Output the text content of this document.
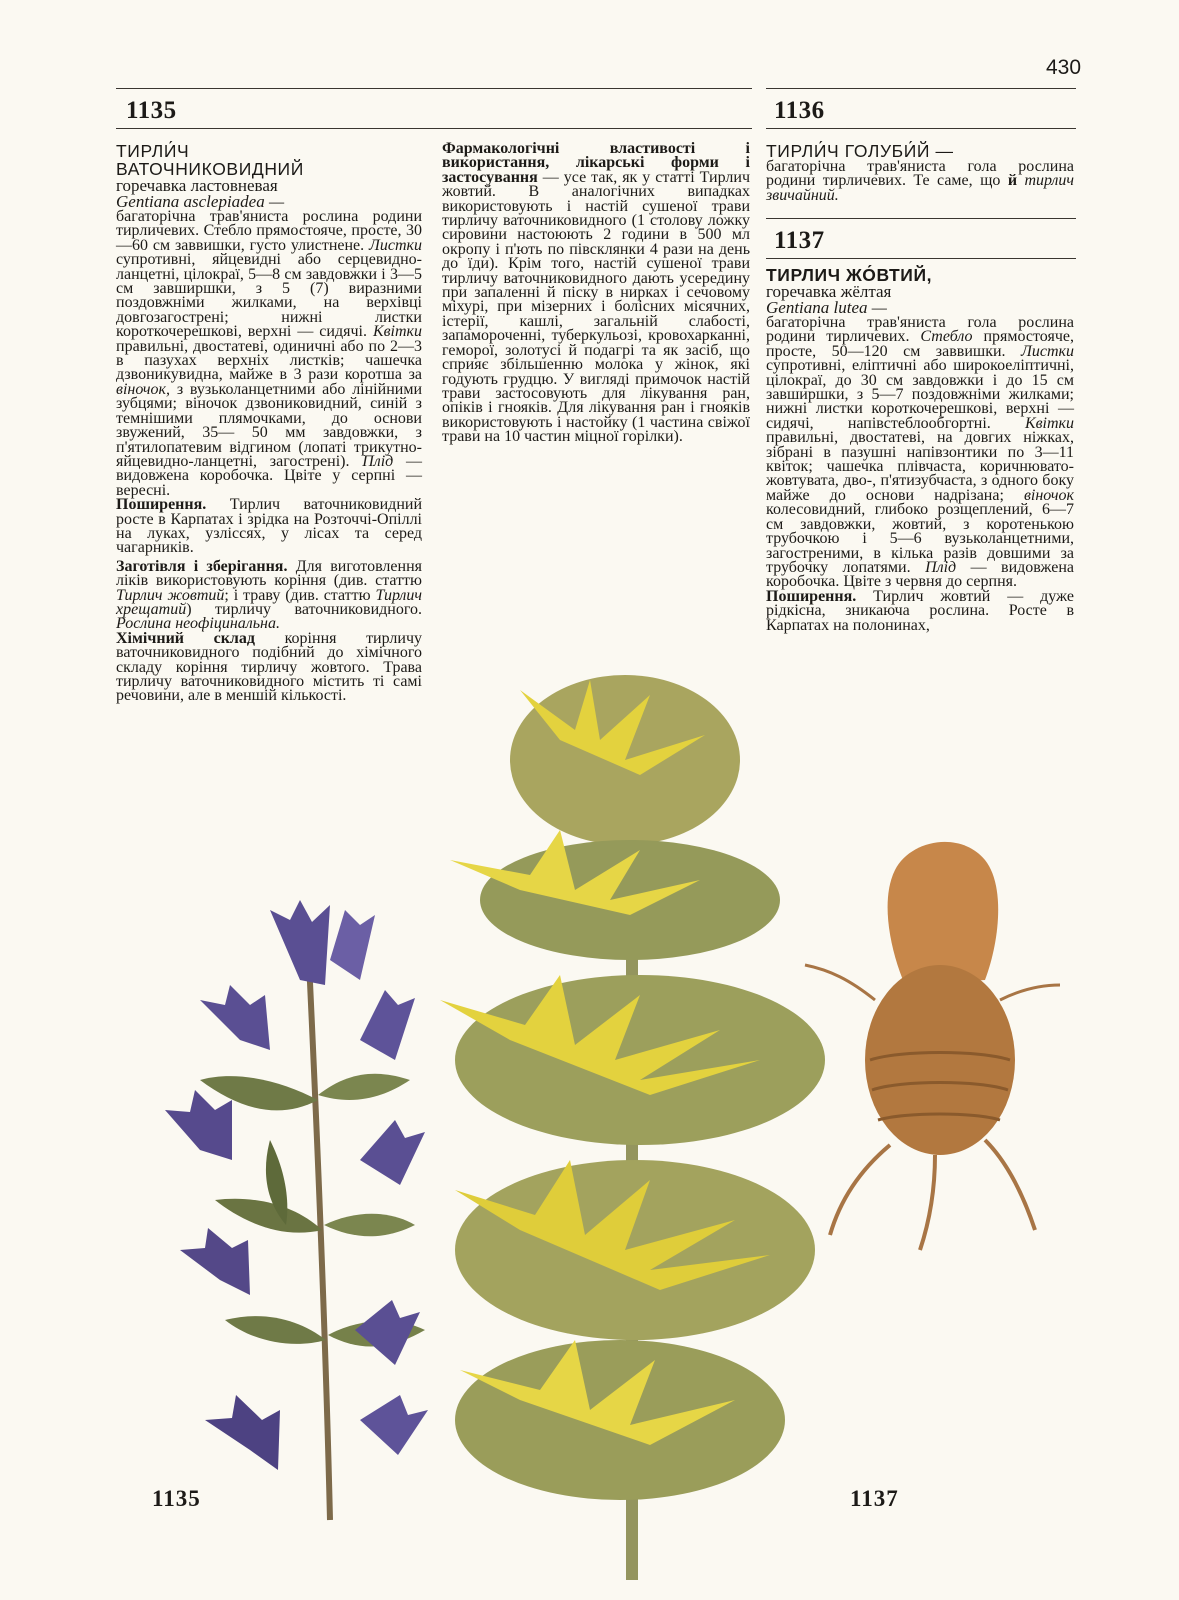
430
1135	1136
1137
ТИРЛИ́Ч
ВАТОЧНИКОВИДНИЙ
горечавка ластовневая
Gentiana asclepiadea —

багаторічна трав'яниста рослина родини тирличевих. Стебло прямостояче, просте, 30—60 см заввишки, густо улистнене. Листки супротивні, яйцевидні або серцевидно-ланцетні, цілокраї, 5—8 см завдовжки і 3—5 см завширшки, з 5 (7) виразними поздовжніми жилками, на верхівці довгозагострені; нижні листки короткочерешкові, верхні — сидячі. Квітки правильні, двостатеві, одиничні або по 2—3 в пазухах верхніх листків; чашечка дзвоникувидна, майже в 3 рази коротша за віночок, з вузьколанцетними або лінійними зубцями; віночок дзвониковидний, синій з темнішими плямочками, до основи звужений, 35— 50 мм завдовжки, з п'ятилопатевим відгином (лопаті трикутно-яйцевидно-ланцетні, загострені). Плід — видовжена коробочка. Цвіте у серпні — вересні.

Поширення. Тирлич ваточниковидний росте в Карпатах і зрідка на Розточчі-Опіллі на луках, узліссях, у лісах та серед чагарників.

Заготівля і зберігання. Для виготовлення ліків використовують коріння (див. статтю Тирлич жовтий; і траву (див. статтю Тирлич хрещатий) тирличу ваточниковидного. Рослина неофіцинальна.

Хімічний склад коріння тирличу ваточниковидного подібний до хімічного складу коріння тирличу жовтого. Трава тирличу ваточниковидного містить ті самі речовини, але в меншій кількості.

Фармакологічні властивості і використання, лікарські форми і застосування — усе так, як у статті Тирлич жовтий. В аналогічних випадках використовують і настій сушеної трави тирличу ваточниковидного (1 столову ложку сировини настоюють 2 години в 500 мл окропу і п'ють по півсклянки 4 рази на день до їди). Крім того, настій сушеної трави тирличу ваточниковидного дають усередину при запаленні й піску в нирках і сечовому міхурі, при мізерних і болісних місячних, істерії, кашлі, загальній слабості, запамороченні, туберкульозі, кровохарканні, геморої, золотусі й подагрі та як засіб, що сприяє збільшенню молока у жінок, які годують грудцю. У вигляді примочок настій трави застосовують для лікування ран, опіків і гнояків. Для лікування ран і гнояків використовують і настойку (1 частина свіжої трави на 10 частин міцної горілки).

ТИРЛИ́Ч ГОЛУБИ́Й —

багаторічна трав'яниста гола рослина родини тирличевих. Те саме, що й тирлич звичайний.

ТИРЛИЧ ЖО́ВТИЙ,
горечавка жёлтая
Gentiana lutea —

багаторічна трав'яниста гола рослина родини тирличевих. Стебло прямостояче, просте, 50—120 см заввишки. Листки супротивні, еліптичні або широкоеліптичні, цілокраї, до 30 см завдовжки і до 15 см завширшки, з 5—7 поздовжніми жилками; нижні листки короткочерешкові, верхні — сидячі, напівстеблообгортні. Квітки правильні, двостатеві, на довгих ніжках, зібрані в пазушні напівзонтики по 3—11 квіток; чашечка плівчаста, коричнювато-жовтувата, дво-, п'ятизубчаста, з одного боку майже до основи надрізана; віночок колесовидний, глибоко розщеплений, 6—7 см завдовжки, жовтий, з коротенькою трубочкою і 5—6 вузьколанцетними, загостреними, в кілька разів довшими за трубочку лопатями. Плід — видовжена коробочка. Цвіте з червня до серпня.

Поширення. Тирлич жовтий — дуже рідкісна, зникаюча рослина. Росте в Карпатах на полонинах,

1135	1137
